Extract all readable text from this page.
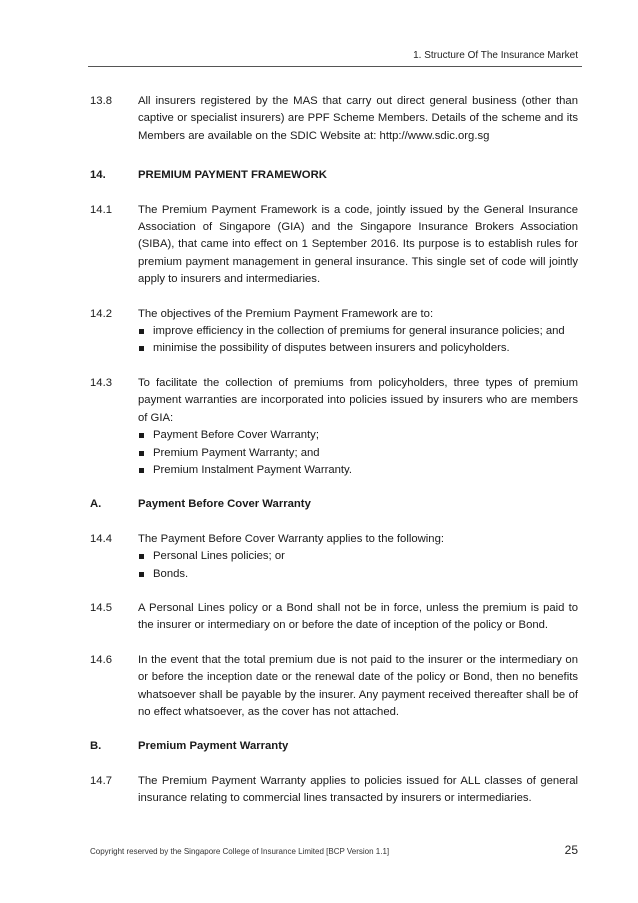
1. Structure Of The Insurance Market
13.8	All insurers registered by the MAS that carry out direct general business (other than captive or specialist insurers) are PPF Scheme Members. Details of the scheme and its Members are available on the SDIC Website at: http://www.sdic.org.sg

14.	PREMIUM PAYMENT FRAMEWORK
14.1	The Premium Payment Framework is a code, jointly issued by the General Insurance Association of Singapore (GIA) and the Singapore Insurance Brokers Association (SIBA), that came into effect on 1 September 2016. Its purpose is to establish rules for premium payment management in general insurance. This single set of code will jointly apply to insurers and intermediaries.

14.2	The objectives of the Premium Payment Framework are to:

improve efficiency in the collection of premiums for general insurance policies; and
minimise the possibility of disputes between insurers and policyholders.
14.3	To facilitate the collection of premiums from policyholders, three types of premium payment warranties are incorporated into policies issued by insurers who are members of GIA:

Payment Before Cover Warranty;
Premium Payment Warranty; and
Premium Instalment Payment Warranty.
A.	Payment Before Cover Warranty
14.4	The Payment Before Cover Warranty applies to the following:

Personal Lines policies; or
Bonds.
14.5	A Personal Lines policy or a Bond shall not be in force, unless the premium is paid to the insurer or intermediary on or before the date of inception of the policy or Bond.

14.6	In the event that the total premium due is not paid to the insurer or the intermediary on or before the inception date or the renewal date of the policy or Bond, then no benefits whatsoever shall be payable by the insurer. Any payment received thereafter shall be of no effect whatsoever, as the cover has not attached.

B.	Premium Payment Warranty
14.7	The Premium Payment Warranty applies to policies issued for ALL classes of general insurance relating to commercial lines transacted by insurers or intermediaries.

Copyright reserved by the Singapore College of Insurance Limited [BCP Version 1.1]	25
